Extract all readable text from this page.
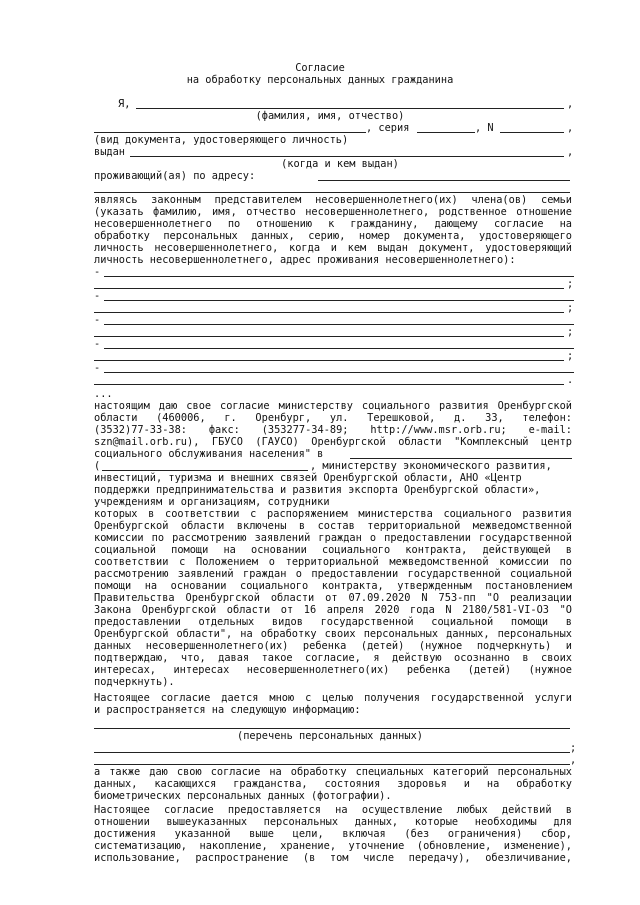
Согласие
на обработку персональных данных гражданина
Я,	,
(фамилия, имя, отчество)
, серия	, N	,
(вид документа, удостоверяющего личность)
выдан	,
(когда и кем выдан)
проживающий(ая) по адресу:
являясь законным представителем несовершеннолетнего(их) члена(ов) семьи
(указать фамилию, имя, отчество несовершеннолетнего, родственное отношение
несовершеннолетнего по отношению к гражданину, дающему согласие на
обработку персональных данных, серию, номер документа, удостоверяющего
личность несовершеннолетнего, когда и кем выдан документ, удостоверяющий
личность несовершеннолетнего, адрес проживания несовершеннолетнего):
-
;
-
;
-
;
-
;
-
.
...
настоящим даю свое согласие министерству социального развития Оренбургской
области (460006, г. Оренбург, ул. Терешковой, д. 33, телефон:
(3532)77-33-38: факс: (353277-34-89; http://www.msr.orb.ru; e-mail:
szn@mail.orb.ru), ГБУСО (ГАУСО) Оренбургской области "Комплексный центр
социального обслуживания населения" в
(	, министерству экономического развития,
инвестиций, туризма и внешних связей Оренбургской области, АНО «Центр
поддержки предпринимательства и развития экспорта Оренбургской области»,
учреждениям и организациям, сотрудники
которых в соответствии с распоряжением министерства социального развития
Оренбургской области включены в состав территориальной межведомственной
комиссии по рассмотрению заявлений граждан о предоставлении государственной
социальной помощи на основании социального контракта, действующей в
соответствии с Положением о территориальной межведомственной комиссии по
рассмотрению заявлений граждан о предоставлении государственной социальной
помощи на основании социального контракта, утвержденным постановлением
Правительства Оренбургской области от 07.09.2020 N 753-пп "О реализации
Закона Оренбургской области от 16 апреля 2020 года N 2180/581-VI-ОЗ "О
предоставлении отдельных видов государственной социальной помощи в
Оренбургской области", на обработку своих персональных данных, персональных
данных несовершеннолетнего(их) ребенка (детей) (нужное подчеркнуть) и
подтверждаю, что, давая такое согласие, я действую осознанно в своих
интересах, интересах несовершеннолетнего(их) ребенка (детей) (нужное
подчеркнуть).
Настоящее согласие дается мною с целью получения государственной услуги
и распространяется на следующую информацию:
(перечень персональных данных)
;
,
а также даю свою согласие на обработку специальных категорий персональных
данных, касающихся гражданства, состояния здоровья и на обработку
биометрических персональных данных (фотографии).
Настоящее согласие предоставляется на осуществление любых действий в
отношении вышеуказанных персональных данных, которые необходимы для
достижения указанной выше цели, включая (без ограничения) сбор,
систематизацию, накопление, хранение, уточнение (обновление, изменение),
использование, распространение (в том числе передачу), обезличивание,
